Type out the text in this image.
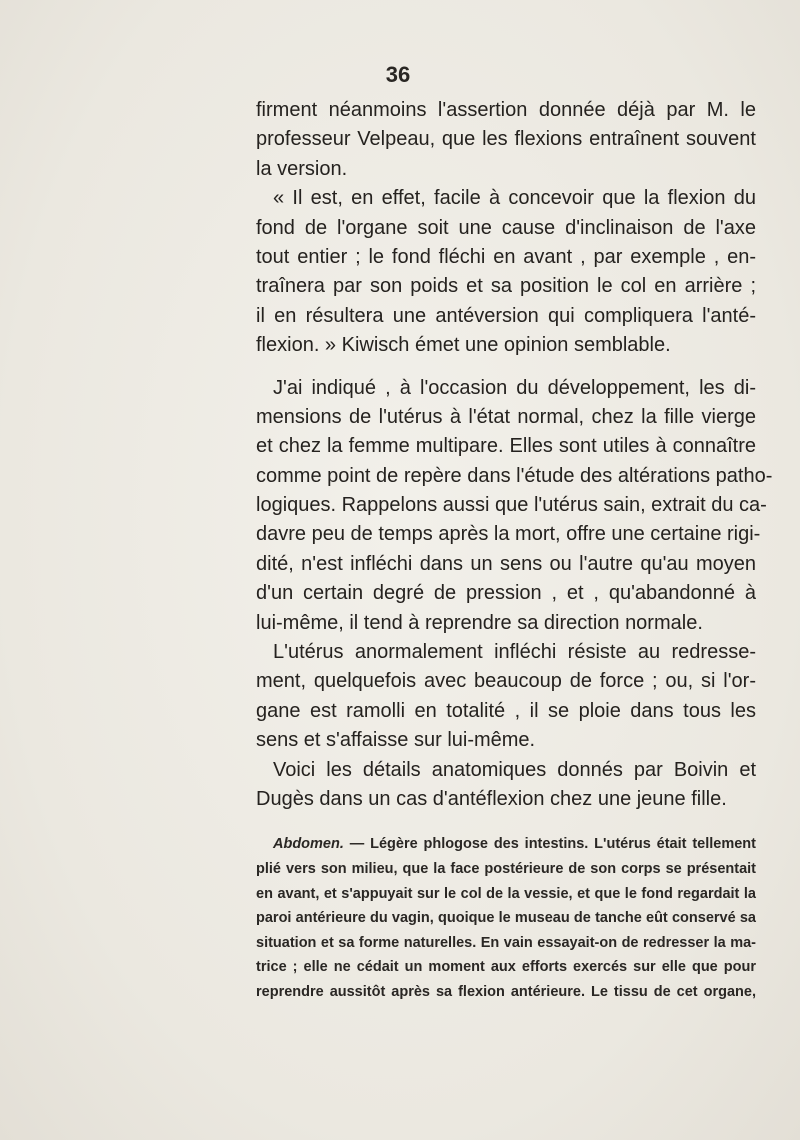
36
firment néanmoins l'assertion donnée déjà par M. le
professeur Velpeau, que les flexions entraînent souvent
la version.
« Il est, en effet, facile à concevoir que la flexion du
fond de l'organe soit une cause d'inclinaison de l'axe
tout entier ; le fond fléchi en avant , par exemple , en-
traînera par son poids et sa position le col en arrière ;
il en résultera une antéversion qui compliquera l'anté-
flexion. » Kiwisch émet une opinion semblable.
J'ai indiqué , à l'occasion du développement, les di-
mensions de l'utérus à l'état normal, chez la fille vierge
et chez la femme multipare. Elles sont utiles à connaître
comme point de repère dans l'étude des altérations patho-
logiques. Rappelons aussi que l'utérus sain, extrait du ca-
davre peu de temps après la mort, offre une certaine rigi-
dité, n'est infléchi dans un sens ou l'autre qu'au moyen
d'un certain degré de pression , et , qu'abandonné à
lui-même, il tend à reprendre sa direction normale.
L'utérus anormalement infléchi résiste au redresse-
ment, quelquefois avec beaucoup de force ; ou, si l'or-
gane est ramolli en totalité , il se ploie dans tous les
sens et s'affaisse sur lui-même.
Voici les détails anatomiques donnés par Boivin et
Dugès dans un cas d'antéflexion chez une jeune fille.
Abdomen. — Légère phlogose des intestins. L'utérus était tellement
plié vers son milieu, que la face postérieure de son corps se présentait
en avant, et s'appuyait sur le col de la vessie, et que le fond regardait la
paroi antérieure du vagin, quoique le museau de tanche eût conservé sa
situation et sa forme naturelles. En vain essayait-on de redresser la ma-
trice ; elle ne cédait un moment aux efforts exercés sur elle que pour
reprendre aussitôt après sa flexion antérieure. Le tissu de cet organe,
